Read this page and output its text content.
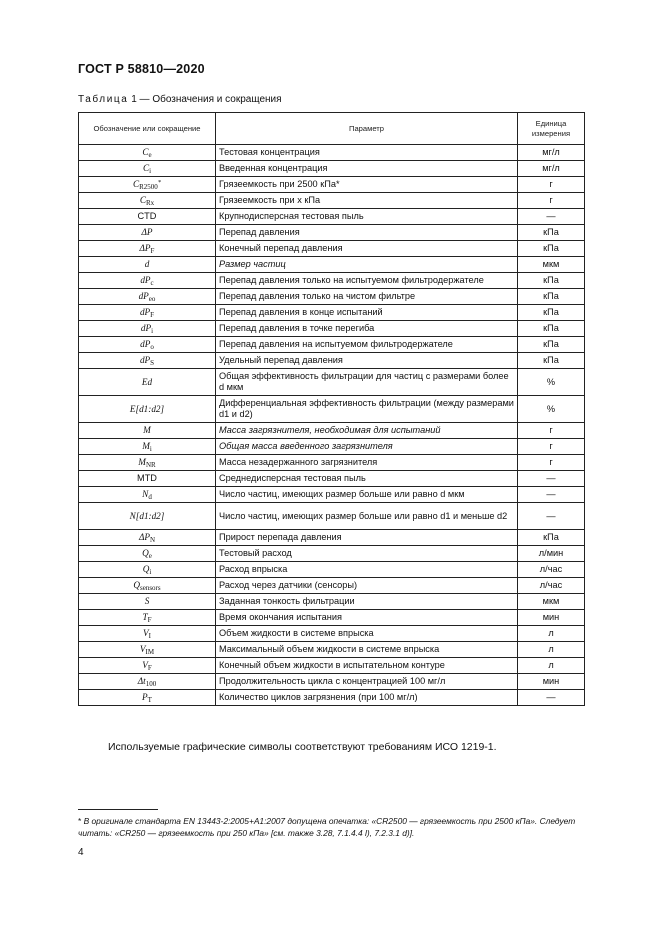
ГОСТ Р 58810—2020
Таблица 1 — Обозначения и сокращения
Обозначение или сокращение	Параметр	Единица измерения
$C_e$	Тестовая концентрация	мг/л
$C_i$	Введенная концентрация	мг/л
$C_{R2500}^*$	Грязеемкость при 2500 кПа*	г
$C_{Rx}$	Грязеемкость при x кПа	г
CTD	Крупнодисперсная тестовая пыль	—
ΔP	Перепад давления	кПа
$\Delta P_F$	Конечный перепад давления	кПа
d	Размер частиц	мкм
$dP_c$	Перепад давления только на испытуемом фильтродержателе	кПа
$dP_{eo}$	Перепад давления только на чистом фильтре	кПа
$dP_F$	Перепад давления в конце испытаний	кПа
$dP_i$	Перепад давления в точке перегиба	кПа
$dP_o$	Перепад давления на испытуемом фильтродержателе	кПа
$dP_S$	Удельный перепад давления	кПа
Ed	Общая эффективность фильтрации для частиц с размерами более d мкм	%
E[d1:d2]	Дифференциальная эффективность фильтрации (между размерами d1 и d2)	%
M	Масса загрязнителя, необходимая для испытаний	г
$M_i$	Общая масса введенного загрязнителя	г
$M_{NR}$	Масса незадержанного загрязнителя	г
MTD	Среднедисперсная тестовая пыль	—
$N_d$	Число частиц, имеющих размер больше или равно d мкм	—
N[d1:d2]	Число частиц, имеющих размер больше или равно d1 и меньше d2	—
$\Delta P_N$	Прирост перепада давления	кПа
$Q_e$	Тестовый расход	л/мин
$Q_i$	Расход впрыска	л/час
$Q_{sensors}$	Расход через датчики (сенсоры)	л/час
S	Заданная тонкость фильтрации	мкм
$T_F$	Время окончания испытания	мин
$V_I$	Объем жидкости в системе впрыска	л
$V_{IM}$	Максимальный объем жидкости в системе впрыска	л
$V_F$	Конечный объем жидкости в испытательном контуре	л
$\Delta t_{100}$	Продолжительность цикла с концентрацией 100 мг/л	мин
$P_T$	Количество циклов загрязнения (при 100 мг/л)	—
Используемые графические символы соответствуют требованиям ИСО 1219-1.
* В оригинале стандарта EN 13443-2:2005+A1:2007 допущена опечатка: «CR2500 — грязеемкость при 2500 кПа». Следует читать: «CR250 — грязеемкость при 250 кПа» [см. также 3.28, 7.1.4.4 l), 7.2.3.1 d)].
4
